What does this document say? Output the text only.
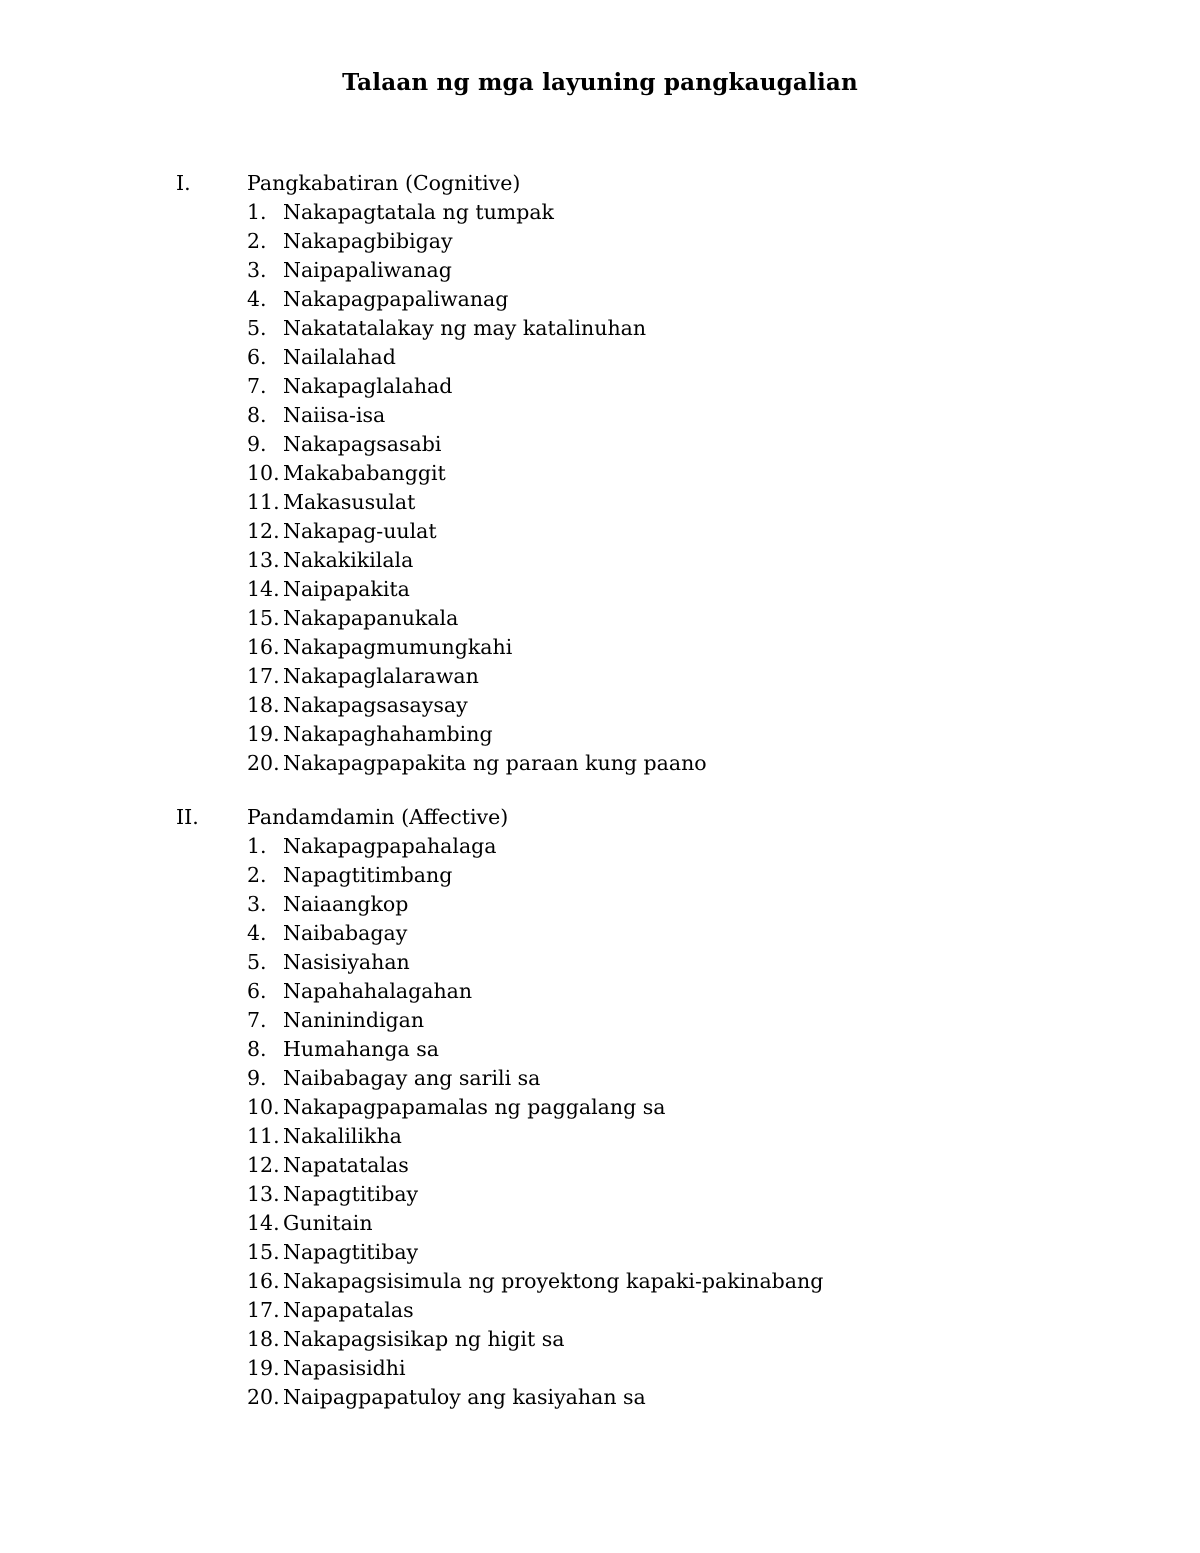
Talaan ng mga layuning pangkaugalian
I.	Pangkabatiran (Cognitive)
1. Nakapagtatala ng tumpak
2. Nakapagbibigay
3. Naipapaliwanag
4. Nakapagpapaliwanag
5. Nakatatalakay ng may katalinuhan
6. Nailalahad
7. Nakapaglalahad
8. Naiisa-isa
9. Nakapagsasabi
10. Makababanggit
11. Makasusulat
12. Nakapag-uulat
13. Nakakikilala
14. Naipapakita
15. Nakapapanukala
16. Nakapagmumungkahi
17. Nakapaglalarawan
18. Nakapagsasaysay
19. Nakapaghahambing
20. Nakapagpapakita ng paraan kung paano
II. Pandamdamin (Affective)
1. Nakapagpapahalaga
2. Napagtitimbang
3. Naiaangkop
4. Naibabagay
5. Nasisiyahan
6. Napahahalagahan
7. Naninindigan
8. Humahanga sa
9. Naibabagay ang sarili sa
10. Nakapagpapamalas ng paggalang sa
11. Nakalilikha
12. Napatatalas
13. Napagtitibay
14. Gunitain
15. Napagtitibay
16. Nakapagsisimula ng proyektong kapaki-pakinabang
17. Napapatalas
18. Nakapagsisikap ng higit sa
19. Napasisidhi
20. Naipagpapatuloy ang kasiyahan sa
